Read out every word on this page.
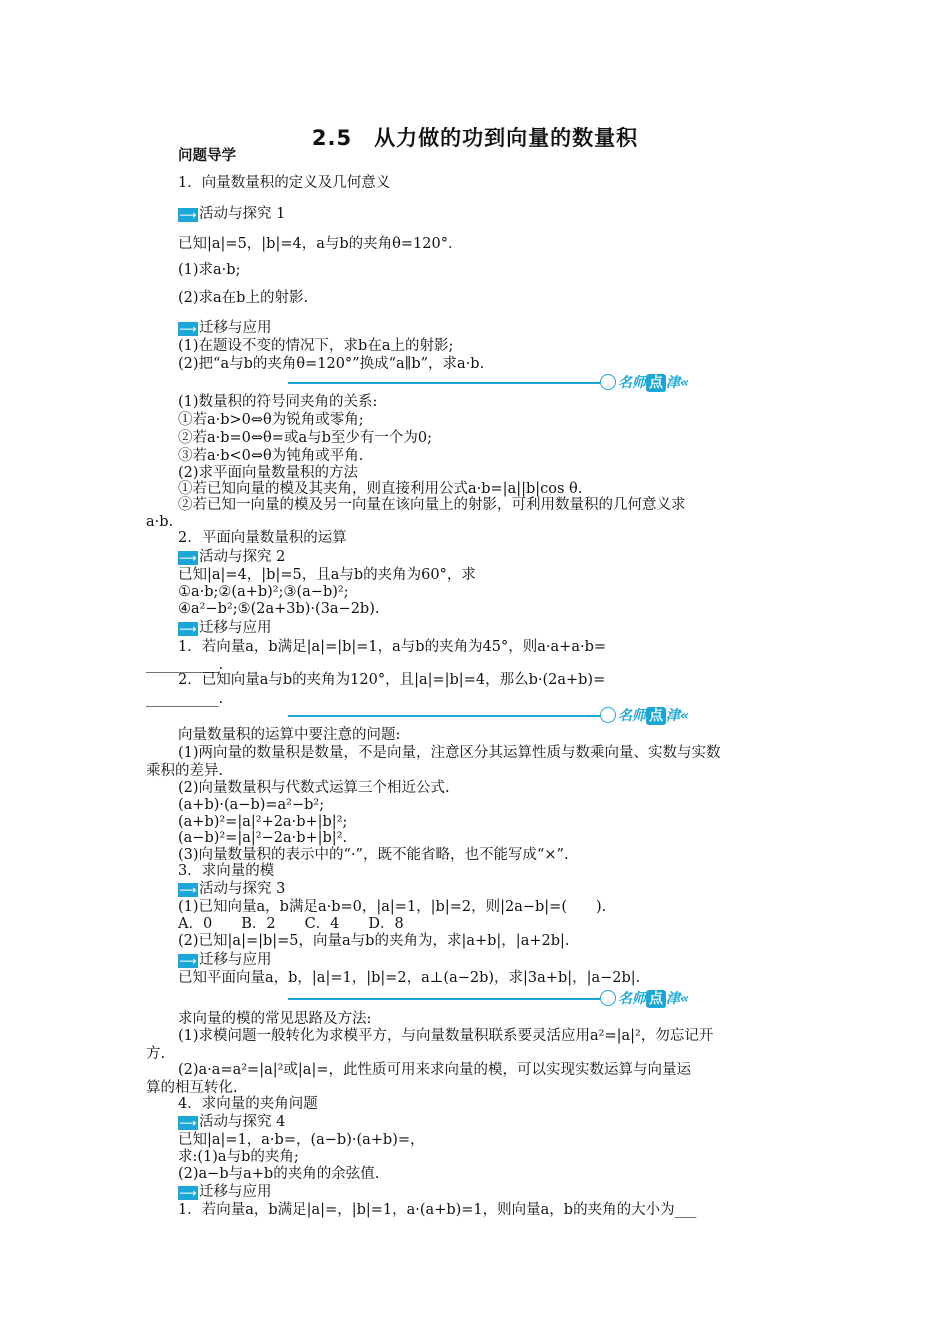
2.5　从力做的功到向量的数量积
问题导学
1．向量数量积的定义及几何意义
⟶ 活动与探究 1
已知|a|=5，|b|=4，a与b的夹角θ=120°．
(1)求a·b;
(2)求a在b上的射影.
⟶ 迁移与应用
(1)在题设不变的情况下，求b在a上的射影;
(2)把“a与b的夹角θ=120°”换成“a∥b”，求a·b.
名师 点 津«
(1)数量积的符号同夹角的关系:
①若a·b>0⇔θ为锐角或零角;
②若a·b=0⇔θ=或a与b至少有一个为0;
③若a·b<0⇔θ为钝角或平角.
(2)求平面向量数量积的方法
①若已知向量的模及其夹角，则直接利用公式a·b=|a||b|cos θ.
②若已知一向量的模及另一向量在该向量上的射影，可利用数量积的几何意义求
a·b.
2．平面向量数量积的运算
⟶ 活动与探究 2
已知|a|=4，|b|=5，且a与b的夹角为60°，求
①a·b;②(a+b)²;③(a−b)²;
④a²−b²;⑤(2a+3b)·(3a−2b).
⟶ 迁移与应用
1．若向量a，b满足|a|=|b|=1，a与b的夹角为45°，则a·a+a·b=
__________.
2．已知向量a与b的夹角为120°，且|a|=|b|=4，那么b·(2a+b)=
__________.
名师 点 津«
向量数量积的运算中要注意的问题:
(1)两向量的数量积是数量，不是向量，注意区分其运算性质与数乘向量、实数与实数
乘积的差异.
(2)向量数量积与代数式运算三个相近公式.
(a+b)·(a−b)=a²−b²;
(a+b)²=|a|²+2a·b+|b|²;
(a−b)²=|a|²−2a·b+|b|².
(3)向量数量积的表示中的“·”，既不能省略，也不能写成“×”.
3．求向量的模
⟶ 活动与探究 3
(1)已知向量a，b满足a·b=0，|a|=1，|b|=2，则|2a−b|=(　　).
A．0　　B．2　　C．4　　D．8
(2)已知|a|=|b|=5，向量a与b的夹角为，求|a+b|，|a+2b|.
⟶ 迁移与应用
已知平面向量a，b，|a|=1，|b|=2，a⊥(a−2b)，求|3a+b|，|a−2b|.
名师 点 津«
求向量的模的常见思路及方法:
(1)求模问题一般转化为求模平方，与向量数量积联系要灵活应用a²=|a|²，勿忘记开
方.
(2)a·a=a²=|a|²或|a|=，此性质可用来求向量的模，可以实现实数运算与向量运
算的相互转化.
4．求向量的夹角问题
⟶ 活动与探究 4
已知|a|=1，a·b=，(a−b)·(a+b)=，
求:(1)a与b的夹角;
(2)a−b与a+b的夹角的余弦值.
⟶ 迁移与应用
1．若向量a，b满足|a|=，|b|=1，a·(a+b)=1，则向量a，b的夹角的大小为___
